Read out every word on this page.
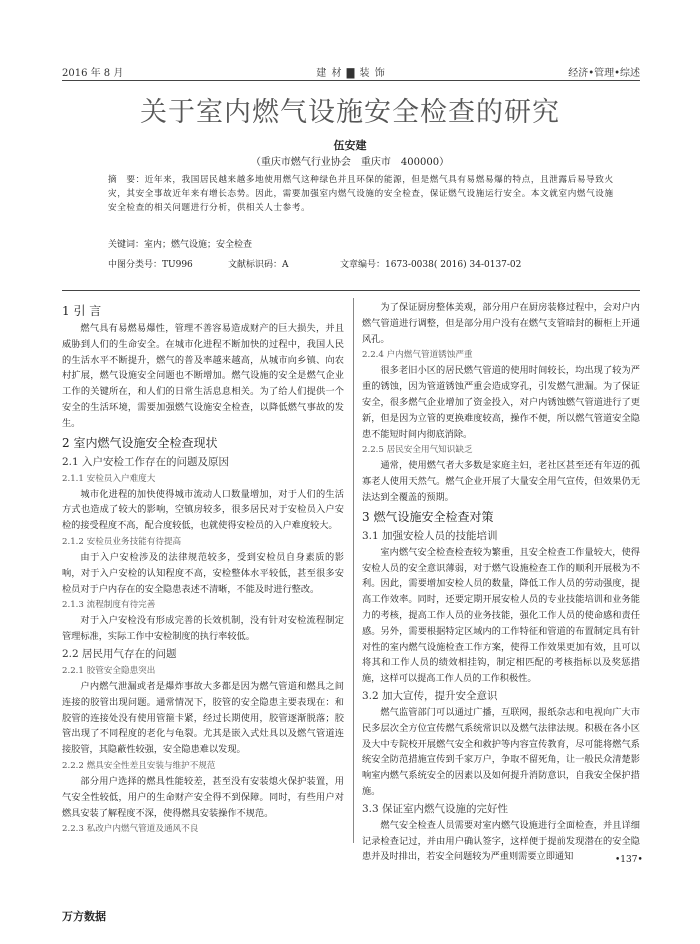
2016 年 8 月	建 材 ▇ 装 饰	经济•管理•综述
关于室内燃气设施安全检查的研究
伍安建
（重庆市燃气行业协会　重庆市　400000）

摘　要：近年来，我国居民越来越多地使用燃气这种绿色并且环保的能源，但是燃气具有易燃易爆的特点，且泄露后易导致火灾，其安全事故近年来有增长态势。因此，需要加强室内燃气设施的安全检查，保证燃气设施运行安全。本文就室内燃气设施安全检查的相关问题进行分析，供相关人士参考。

关键词：室内；燃气设施；安全检查
中图分类号：TU996	文献标识码：A	文章编号：1673-0038( 2016) 34-0137-02
1 引 言

燃气具有易燃易爆性，管理不善容易造成财产的巨大损失，并且威胁到人们的生命安全。在城市化进程不断加快的过程中，我国人民的生活水平不断提升，燃气的普及率越来越高，从城市向乡镇、向农村扩展，燃气设施安全问题也不断增加。燃气设施的安全是燃气企业工作的关键所在，和人们的日常生活息息相关。为了给人们提供一个安全的生活环境，需要加强燃气设施安全检查，以降低燃气事故的发生。

2 室内燃气设施安全检查现状
2.1 入户安检工作存在的问题及原因
2.1.1 安检员入户难度大

城市化进程的加快使得城市流动人口数量增加，对于人们的生活方式也造成了较大的影响，空镇房较多，很多居民对于安检员入户安检的接受程度不高，配合度较低，也就使得安检员的入户难度较大。

2.1.2 安检员业务技能有待提高

由于入户安检涉及的法律规范较多，受到安检员自身素质的影响，对于入户安检的认知程度不高，安检整体水平较低，甚至很多安检员对于户内存在的安全隐患表述不清晰，不能及时进行整改。

2.1.3 流程制度有待完善

对于入户安检没有形成完善的长效机制，没有针对安检流程制定管理标准，实际工作中安检制度的执行率较低。

2.2 居民用气存在的问题
2.2.1 胶管安全隐患突出

户内燃气泄漏或者是爆炸事故大多都是因为燃气管道和燃具之间连接的胶管出现问题。通常情况下，胶管的安全隐患主要表现在：和胶管的连接处没有使用管箍卡紧，经过长期使用，胶管逐渐脱落；胶管出现了不同程度的老化与龟裂。尤其是嵌入式灶具以及燃气管道连接胶管，其隐蔽性较强，安全隐患难以发现。

2.2.2 燃具安全性差且安装与维护不规范

部分用户选择的燃具性能较差，甚至没有安装熄火保护装置，用气安全性较低，用户的生命财产安全得不到保障。同时，有些用户对燃具安装了解程度不深，使得燃具安装操作不规范。

2.2.3 私改户内燃气管道及通风不良

为了保证厨房整体美观，部分用户在厨房装修过程中，会对户内燃气管道进行调整，但是部分用户没有在燃气支管暗封的橱柜上开通风孔。

2.2.4 户内燃气管道锈蚀严重

很多老旧小区的居民燃气管道的使用时间较长，均出现了较为严重的锈蚀，因为管道锈蚀严重会造成穿孔，引发燃气泄漏。为了保证安全，很多燃气企业增加了资金投入，对户内锈蚀燃气管道进行了更新，但是因为立管的更换难度较高，操作不便，所以燃气管道安全隐患不能短时间内彻底消除。

2.2.5 居民安全用气知识缺乏

通常，使用燃气者大多数是家庭主妇，老社区甚至还有年迈的孤寡老人使用天然气。燃气企业开展了大量安全用气宣传，但效果仍无法达到全覆盖的预期。

3 燃气设施安全检查对策
3.1 加强安检人员的技能培训

室内燃气安全检查检查较为繁重，且安全检查工作量较大，使得安检人员的安全意识薄弱，对于燃气设施检查工作的顺利开展极为不利。因此，需要增加安检人员的数量，降低工作人员的劳动强度，提高工作效率。同时，还要定期开展安检人员的专业技能培训和业务能力的考核，提高工作人员的业务技能，强化工作人员的使命感和责任感。另外，需要根据特定区域内的工作特征和管道的布置制定具有针对性的室内燃气设施检查工作方案，使得工作效果更加有效，且可以将其和工作人员的绩效相挂钩，制定相匹配的考核指标以及奖惩措施，这样可以提高工作人员的工作积极性。

3.2 加大宣传，提升安全意识

燃气监管部门可以通过广播，互联网，报纸杂志和电视向广大市民多层次全方位宣传燃气系统常识以及燃气法律法规。积极在各小区及大中专院校开展燃气安全和救护等内容宣传教育，尽可能将燃气系统安全防范措施宣传到千家万户，争取不留死角，让一般民众清楚影响室内燃气系统安全的因素以及如何提升消防意识，自我安全保护措施。

3.3 保证室内燃气设施的完好性

燃气安全检查人员需要对室内燃气设施进行全面检查，并且详细记录检查记过，并由用户确认签字，这样便于提前发现潜在的安全隐患并及时排出，若安全问题较为严重则需要立即通知	•137•
万方数据
